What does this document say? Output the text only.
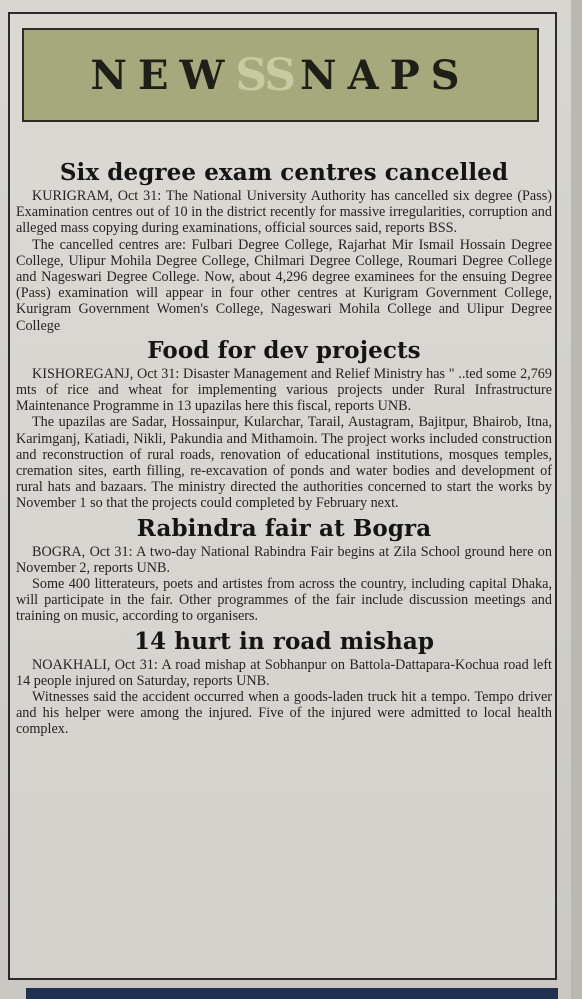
NEW SS NAPS
Six degree exam centres cancelled

KURIGRAM, Oct 31: The National University Authority has cancelled six degree (Pass) Examination centres out of 10 in the district recently for massive irregularities, corruption and alleged mass copying during examinations, official sources said, reports BSS.

The cancelled centres are: Fulbari Degree College, Rajarhat Mir Ismail Hossain Degree College, Ulipur Mohila Degree College, Chilmari Degree College, Roumari Degree College and Nageswari Degree College. Now, about 4,296 degree examinees for the ensuing Degree (Pass) examination will appear in four other centres at Kurigram Government College, Kurigram Government Women's College, Nageswari Mohila College and Ulipur Degree College

Food for dev projects

KISHOREGANJ, Oct 31: Disaster Management and Relief Ministry has " ..ted some 2,769 mts of rice and wheat for implementing various projects under Rural Infrastructure Maintenance Programme in 13 upazilas here this fiscal, reports UNB.

The upazilas are Sadar, Hossainpur, Kularchar, Tarail, Austagram, Bajitpur, Bhairob, Itna, Karimganj, Katiadi, Nikli, Pakundia and Mithamoin. The project works included construction and reconstruction of rural roads, renovation of educational institutions, mosques temples, cremation sites, earth filling, re-excavation of ponds and water bodies and development of rural hats and bazaars. The ministry directed the authorities concerned to start the works by November 1 so that the projects could completed by February next.

Rabindra fair at Bogra

BOGRA, Oct 31: A two-day National Rabindra Fair begins at Zila School ground here on November 2, reports UNB.

Some 400 litterateurs, poets and artistes from across the country, including capital Dhaka, will participate in the fair. Other programmes of the fair include discussion meetings and training on music, according to organisers.

14 hurt in road mishap

NOAKHALI, Oct 31: A road mishap at Sobhanpur on Battola-Dattapara-Kochua road left 14 people injured on Saturday, reports UNB.

Witnesses said the accident occurred when a goods-laden truck hit a tempo. Tempo driver and his helper were among the injured. Five of the injured were admitted to local health complex.
